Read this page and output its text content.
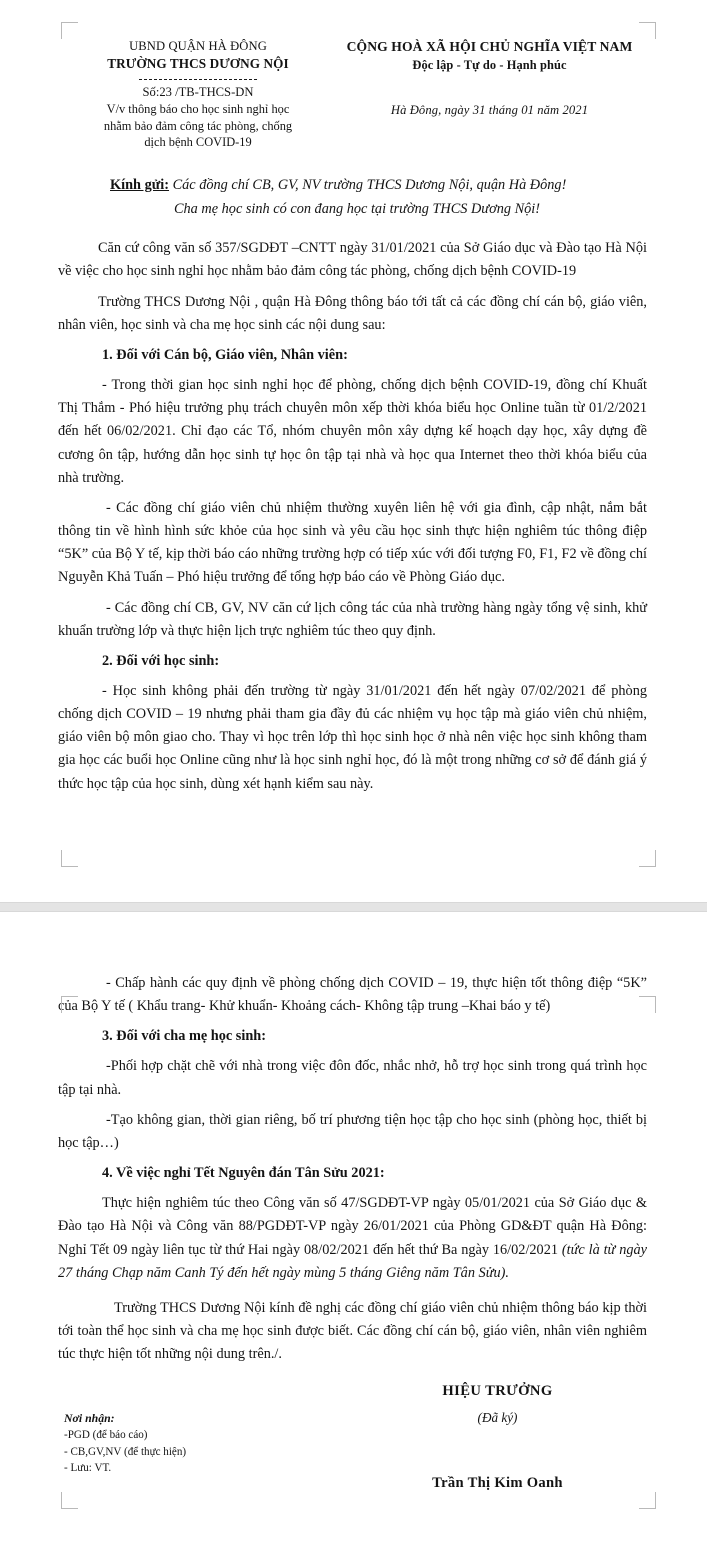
UBND QUẬN HÀ ĐÔNG
TRƯỜNG THCS DƯƠNG NỘI
Số:23 /TB-THCS-DN
V/v thông báo cho học sinh nghỉ học
nhằm bảo đảm công tác phòng, chống
dịch bệnh COVID-19
CỘNG HOÀ XÃ HỘI CHỦ NGHĨA VIỆT NAM
Độc lập - Tự do - Hạnh phúc
Hà Đông, ngày 31 tháng 01 năm 2021
Kính gửi: Các đồng chí CB, GV, NV trường THCS Dương Nội, quận Hà Đông!
Cha mẹ học sinh có con đang học tại trường THCS Dương Nội!

Căn cứ công văn số 357/SGDĐT –CNTT ngày 31/01/2021 của Sở Giáo dục và Đào tạo Hà Nội về việc cho học sinh nghỉ học nhằm bảo đảm công tác phòng, chống dịch bệnh COVID-19

Trường THCS Dương Nội , quận Hà Đông thông báo tới tất cả các đồng chí cán bộ, giáo viên, nhân viên, học sinh và cha mẹ học sinh các nội dung sau:

1. Đối với Cán bộ, Giáo viên, Nhân viên:

- Trong thời gian học sinh nghỉ học để phòng, chống dịch bệnh COVID-19, đồng chí Khuất Thị Thắm - Phó hiệu trưởng phụ trách chuyên môn xếp thời khóa biểu học Online tuần từ 01/2/2021 đến hết 06/02/2021. Chỉ đạo các Tổ, nhóm chuyên môn xây dựng kế hoạch dạy học, xây dựng đề cương ôn tập, hướng dẫn học sinh tự học ôn tập tại nhà và học qua Internet theo thời khóa biểu của nhà trường.

- Các đồng chí giáo viên chủ nhiệm thường xuyên liên hệ với gia đình, cập nhật, nắm bắt thông tin về hình hình sức khỏe của học sinh và yêu cầu học sinh thực hiện nghiêm túc thông điệp “5K” của Bộ Y tế, kịp thời báo cáo những trường hợp có tiếp xúc với đối tượng F0, F1, F2 về đồng chí Nguyễn Khả Tuấn – Phó hiệu trưởng để tổng hợp báo cáo về Phòng Giáo dục.

- Các đồng chí CB, GV, NV căn cứ lịch công tác của nhà trường hàng ngày tổng vệ sinh, khử khuẩn trường lớp và thực hiện lịch trực nghiêm túc theo quy định.

2. Đối với học sinh:

- Học sinh không phải đến trường từ ngày 31/01/2021 đến hết ngày 07/02/2021 để phòng chống dịch COVID – 19 nhưng phải tham gia đầy đủ các nhiệm vụ học tập mà giáo viên chủ nhiệm, giáo viên bộ môn giao cho. Thay vì học trên lớp thì học sinh học ở nhà nên việc học sinh không tham gia học các buổi học Online cũng như là học sinh nghỉ học, đó là một trong những cơ sở để đánh giá ý thức học tập của học sinh, dùng xét hạnh kiểm sau này.

- Chấp hành các quy định về phòng chống dịch COVID – 19, thực hiện tốt thông điệp “5K” của Bộ Y tế ( Khẩu trang- Khử khuẩn- Khoảng cách- Không tập trung –Khai báo y tế)

3. Đối với cha mẹ học sinh:

-Phối hợp chặt chẽ với nhà trong việc đôn đốc, nhắc nhở, hỗ trợ học sinh trong quá trình học tập tại nhà.

-Tạo không gian, thời gian riêng, bố trí phương tiện học tập cho học sinh (phòng học, thiết bị học tập…)

4. Về việc nghỉ Tết Nguyên đán Tân Sửu 2021:

Thực hiện nghiêm túc theo Công văn số 47/SGDĐT-VP ngày 05/01/2021 của Sở Giáo dục & Đào tạo Hà Nội và Công văn 88/PGDĐT-VP ngày 26/01/2021 của Phòng GD&ĐT quận Hà Đông: Nghỉ Tết 09 ngày liên tục từ thứ Hai ngày 08/02/2021 đến hết thứ Ba ngày 16/02/2021 (tức là từ ngày 27 tháng Chạp năm Canh Tý đến hết ngày mùng 5 tháng Giêng năm Tân Sửu).

Trường THCS Dương Nội kính đề nghị các đồng chí giáo viên chủ nhiệm thông báo kịp thời tới toàn thể học sinh và cha mẹ học sinh được biết. Các đồng chí cán bộ, giáo viên, nhân viên nghiêm túc thực hiện tốt những nội dung trên./.

Nơi nhận:
-PGD (để báo cáo)
- CB,GV,NV (để thực hiện)
- Lưu: VT.
HIỆU TRƯỞNG
(Đã ký)
Trần Thị Kim Oanh
